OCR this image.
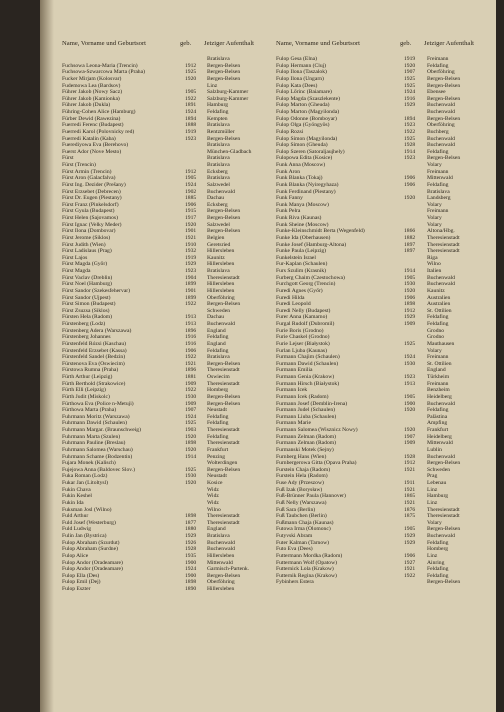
Name, Vorname und Geburtsort	geb. Jetziger Aufenthalt
Bratislava
Fuchsowa Leona-Maria (Trencin)	1912 Bergen-Belsen
Fuchsowa-Szwarcowa Marta (Praha)	1925 Bergen-Belsen
Fucker Mirjam (Kolosvar)	1920 Bergen-Belsen
Fudemowa Lea (Bardsov)	Linz
Führer Jakob (Nowy Sacz)	1905 Salzburg-Kammer
Führer Jakob (Kamionka)	1922 Salzburg-Kammer
Führer Jakob (Dukla)	1891 Hamburg
Führing-Cohen Alice (Hamburg)	1924 Feldafing
Fürber Dewid (Rawezina)	1894 Kempten
Fuerredi Ferenc (Budapest)	1888 Bratislava
Fuerredi Karol (Polovnicky red)	1919 Rentzmüller
Fuerredi Katalin (Kaba)	1923 Bergen-Belsen
Fuerediyowa Eva (Berehovo)	Bratislava
Fuerst Ador (Nove Mesto)	München-Gladbach
Fürst	Bratislava
Fürst (Trencin)	Bratislava
Fürst Armin (Trencin)	1912 Ecksberg
Fürst Aron (Galacfalva)	1905 Bratislava
Fürst Ing. Dezider (Prešany)	1924 Salzwedel
Fürst Erzsebet (Debrecen)	1902 Buchenwald
Fürst Dr. Eugen (Piestany)	1885 Dachau
Fürst Franz (Pinkelsdorf)	1906 Ecksberg
Fürst Gyula (Budapest)	1915 Bergen-Belsen
Fürst Helen (Sajovamos)	1917 Bergen-Belsen
Fürst Ignac (Velky Meder)	1920 Salzwedel
Fürst Ilona (Dombovar)	1901 Bergen-Belsen
Fürst Jerome (Siklos)	1921 Belgien
Fürst Judith (Wien)	1910 Geretsried
Fürst Ladislaus (Prag)	1932 Hillersleben
Fürst Lajos	1919 Kaunitz
Fürst Magda (Győr)	1929 Hillersleben
Fürst Magda	1923 Bratislava
Fürst Vaclav (Dreblin)	1904 Theresienstadt
Fürst Noel (Hamburg)	1899 Hillersleben
Fürst Sandor (Szekesfehervar)	1901 Hillersleben
Fürst Sandor (Ujpest)	1899 Oberföhring
Fürst Simon (Budapest)	1922 Bergen-Belsen
Fürst Zsuzsa (Siklos)	Schweden
Fürsten Hela (Radom)	1913 Dachau
Fürstenberg (Lodz)	1913 Buchenwald
Fürstenberg Adera (Warszawa)	1896 England
Fürstenberg Johannes	1916 Feldafing
Fürstenfeld Rózsi (Kaschau)	1916 England
Fürstenfeld Erzsebet (Kassa)	1906 Feldafing
Fürstenfeld Sandel (Bedzin)	1922 Bratislava
Fürstenova Eva (Oswiecim)	1921 Bergen-Belsen
Fürstowa Rumna (Praha)	1896 Theresienstadt
Fürth Arthur (Leipzig)	1881 Oswiecim
Fürth Berthold (Strakowice)	1909 Theresienstadt
Fürth Elli (Leipzig)	1922 Homberg
Fürth Judit (Miskolc)	1930 Bergen-Belsen
Fürthowa Eva (Police n-Metuji)	1909 Bergen-Belsen
Fürthowa Marta (Praha)	1907 Neustadt
Fuhrmann Moritz (Warszawa)	1924 Feldafing
Fuhrmann Dawid (Schaulen)	1925 Feldafing
Fuhrmann Margar. (Braunschweig)	1903 Theresienstadt
Fuhrmann Marta (Szulen)	1920 Feldafing
Fuhrmann Pauline (Breslau)	1898 Theresienstadt
Fuhrmann Salomea (Warschau)	1920 Frankfurt
Fuhrmann Schame (Bodzentin)	1914 Penzing
Fujara Monek (Kalisch)	Wolterdingen
Fujejowa Anna (Baldovec Slov.)	1925 Bergen-Belsen
Fuka Roman (Lodz)	1930 Neustadt
Fukar Jan (Litoltysl)	1920 Kosice
Fukin Chava	Widz
Fukin Keshel	Widz
Fukin Ida	Widz
Fuksman Josl (Wilno)	Wilno
Fuld Arthur	1898 Theresienstadt
Fuld Josef (Westerburg)	1877 Theresienstadt
Fuld Ludwig	1880 England
Fulin Jan (Bystrica)	1929 Bratislava
Fulop Abraham (Szurdut)	1926 Buchenwald
Fulop Abraham (Surdne)	1928 Buchenwald
Fulop Alice	1935 Hillersleben
Fulop Andor (Oradeamare)	1900 Mittenwald
Fulop Andor (Oradeamare)	1924 Garmisch-Partenk.
Fulop Ella (Des)	1900 Bergen-Belsen
Fulop Emil (Dej)	1898 Oberföhring
Fulop Eszter	1890 Hillersleben
Name, Vorname und Geburtsort	geb. Jetziger Aufenthalt
Fulop Gesa (Elna)	1919 Freimann
Fulop Hermann (Cluj)	1920 Feldafing
Fulop Ilona (Taszalok)	1907 Oberföhring
Fulop Ilona (Ungarn)	1925 Bergen-Belsen
Fulop Kata (Dees)	1925 Bergen-Belsen
Fulop Lőrinc (Baiamare)	1924 Ebensee
Fulop Magda (Szaszlekente)	1916 Bergen-Belsen
Fulop Marton (Gheuda)	1929 Buchenwald
Fulop Marton (Magyilonda)	Buchenwald
Fulop Odonne (Bomboyar)	1894 Bergen-Belsen
Fulop Olga (Gyöngyös)	1923 Oberföhring
Fulop Rozsi	1922 Buchberg
Fulop Simon (Magyilonda)	1925 Buchenwald
Fulop Simon (Gheuda)	1928 Buchenwald
Fulop Szeren (Satoraljaujhely)	1914 Feldafing
Fulopowa Edita (Kosice)	1923 Bergen-Belsen
Funk Anna (Moscow)	Volary
Funk Aron	Freimann
Funk Blanka (Tokaj)	1906 Mittenwald
Funk Blanka (Nyiregyhaza)	1906 Feldafing
Funk Ferdinand (Piestany)	Bratislava
Funk Fanny	1920 Landsberg
Funk Manya (Moscow)	Volary
Funk Pelra	Freimann
Funk Riva (Kaunas)	Volary
Funk Sheine (Moscow)	Volary
Funke-Kleinschmidt Berta (Wegenfeld)	1866 Altona/Hbg.
Funke Ida (Oberhausen)	1882 Theresienstadt
Funke Josef (Hamburg-Altona)	1897 Theresienstadt
Funke Paula (Leipzig)	1897 Theresienstadt
Funkelstein Israel	Riga
Fur-Kaplan (Schaulen)	Wilno
Furs Szulim (Krasnik)	1914 Italien
Furberg Chaim (Czestochowa)	1905 Buchenwald
Furchgott Georg (Trencin)	1930 Buchenwald
Furedi Agnes (Győr)	1920 Kaunitz
Furedi Hilda	1906 Australien
Furedi Leopold	1898 Australien
Furedi Nelly (Budapest)	1912 St. Ottilien
Furer Anna (Kamarno)	1929 Feldafing
Furgal Rudolf (Dubromil)	1909 Feldafing
Furie Boris (Grodno)	Grodno
Furie Chaskel (Grodno)	Grodno
Furie Lejser (Białystok)	1925 Mauthausen
Furlan Ljuba (Kaunas)	Volary
Furmann Chajim (Schaulen)	1924 Freimann
Furmann Dawid (Schaulen)	1930 St. Ottilien
Furmann Emilia	England
Furmann Genia (Krakow)	1923 Türkheim
Furmann Hirsch (Białystok)	1913 Freimann
Furmann Icek	Benzheim
Furmann Icek (Radom)	1905 Heidelberg
Furmann Josef (Demblin-Irena)	1900 Buchenwald
Furmann Judel (Schaulen)	1920 Feldafing
Furmann Liuba (Schaulen)	Palästina
Furmann Marie	Ampfing
Furmann Salomea (Wisznicz Nowy)	1920 Frankfurt
Furmann Zelman (Radom)	1907 Heidelberg
Furmann Zelman (Radom)	1909 Mittenwald
Furmanski Motek (Sejny)	Lublin
Furnberg Hans (Wien)	1928 Buchenwald
Furnbergerowa Gitta (Opava Praha)	1912 Bergen-Belsen
Furstein Chaja (Radom)	1921 Schweden
Furstein Hela (Radom)	Prag
Fuse Ady (Przeszow)	1911 Lebenau
Fuß Izak (Borysław)	1921 Linz
Fuß-Brünner Paula (Hannover)	1865 Hamburg
Fuß Nelly (Warszawa)	1921 Linz
Fuß Sara (Berlin)	1876 Theresienstadt
Fuß Taubchen (Berlin)	1875 Theresienstadt
Fußmann Chaja (Kaunas)	Volary
Futowa Irma (Olomonc)	1905 Bergen-Belsen
Futyvski Abram	1929 Buchenwald
Futer Kalman (Tarnow)	1929 Feldafing
Futo Eva (Dees)	Homberg
Futtermann Mordka (Radom)	1906 Linz
Futtermann Wolf (Opatow)	1927 Ainring
Futternick Lola (Krakow)	1921 Feldafing
Futternik Regina (Krakow)	1922 Feldafing
Fybinhers Estera	Bergen-Belsen
